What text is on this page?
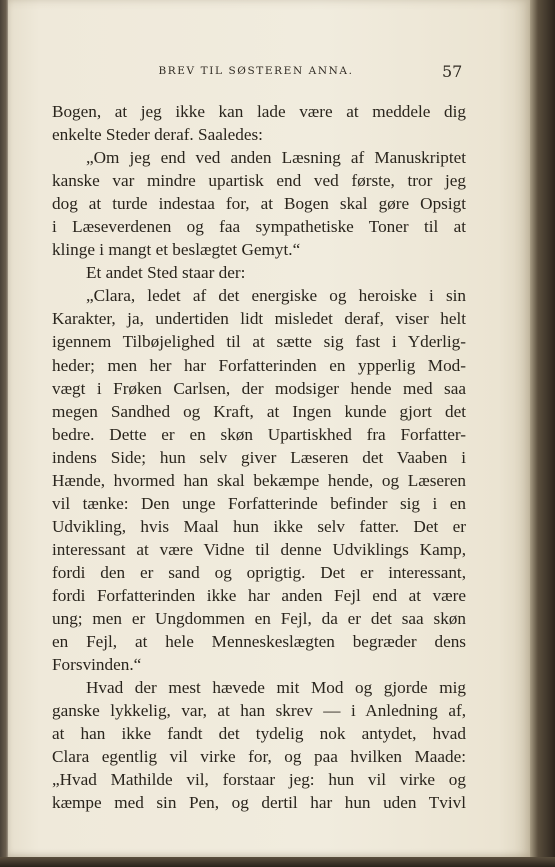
BREV TIL SØSTEREN ANNA.	57
Bogen, at jeg ikke kan lade være at meddele dig
enkelte Steder deraf. Saaledes:
„Om jeg end ved anden Læsning af Manuskriptet
kanske var mindre upartisk end ved første, tror jeg
dog at turde indestaa for, at Bogen skal gøre Opsigt
i Læseverdenen og faa sympathetiske Toner til at
klinge i mangt et beslægtet Gemyt.“
Et andet Sted staar der:
„Clara, ledet af det energiske og heroiske i sin
Karakter, ja, undertiden lidt misledet deraf, viser helt
igennem Tilbøjelighed til at sætte sig fast i Yderlig-
heder; men her har Forfatterinden en ypperlig Mod-
vægt i Frøken Carlsen, der modsiger hende med saa
megen Sandhed og Kraft, at Ingen kunde gjort det
bedre. Dette er en skøn Upartiskhed fra Forfatter-
indens Side; hun selv giver Læseren det Vaaben i
Hænde, hvormed han skal bekæmpe hende, og Læseren
vil tænke: Den unge Forfatterinde befinder sig i en
Udvikling, hvis Maal hun ikke selv fatter. Det er
interessant at være Vidne til denne Udviklings Kamp,
fordi den er sand og oprigtig. Det er interessant,
fordi Forfatterinden ikke har anden Fejl end at være
ung; men er Ungdommen en Fejl, da er det saa skøn
en Fejl, at hele Menneskeslægten begræder dens
Forsvinden.“
Hvad der mest hævede mit Mod og gjorde mig
ganske lykkelig, var, at han skrev — i Anledning af,
at han ikke fandt det tydelig nok antydet, hvad
Clara egentlig vil virke for, og paa hvilken Maade:
„Hvad Mathilde vil, forstaar jeg: hun vil virke og
kæmpe med sin Pen, og dertil har hun uden Tvivl
